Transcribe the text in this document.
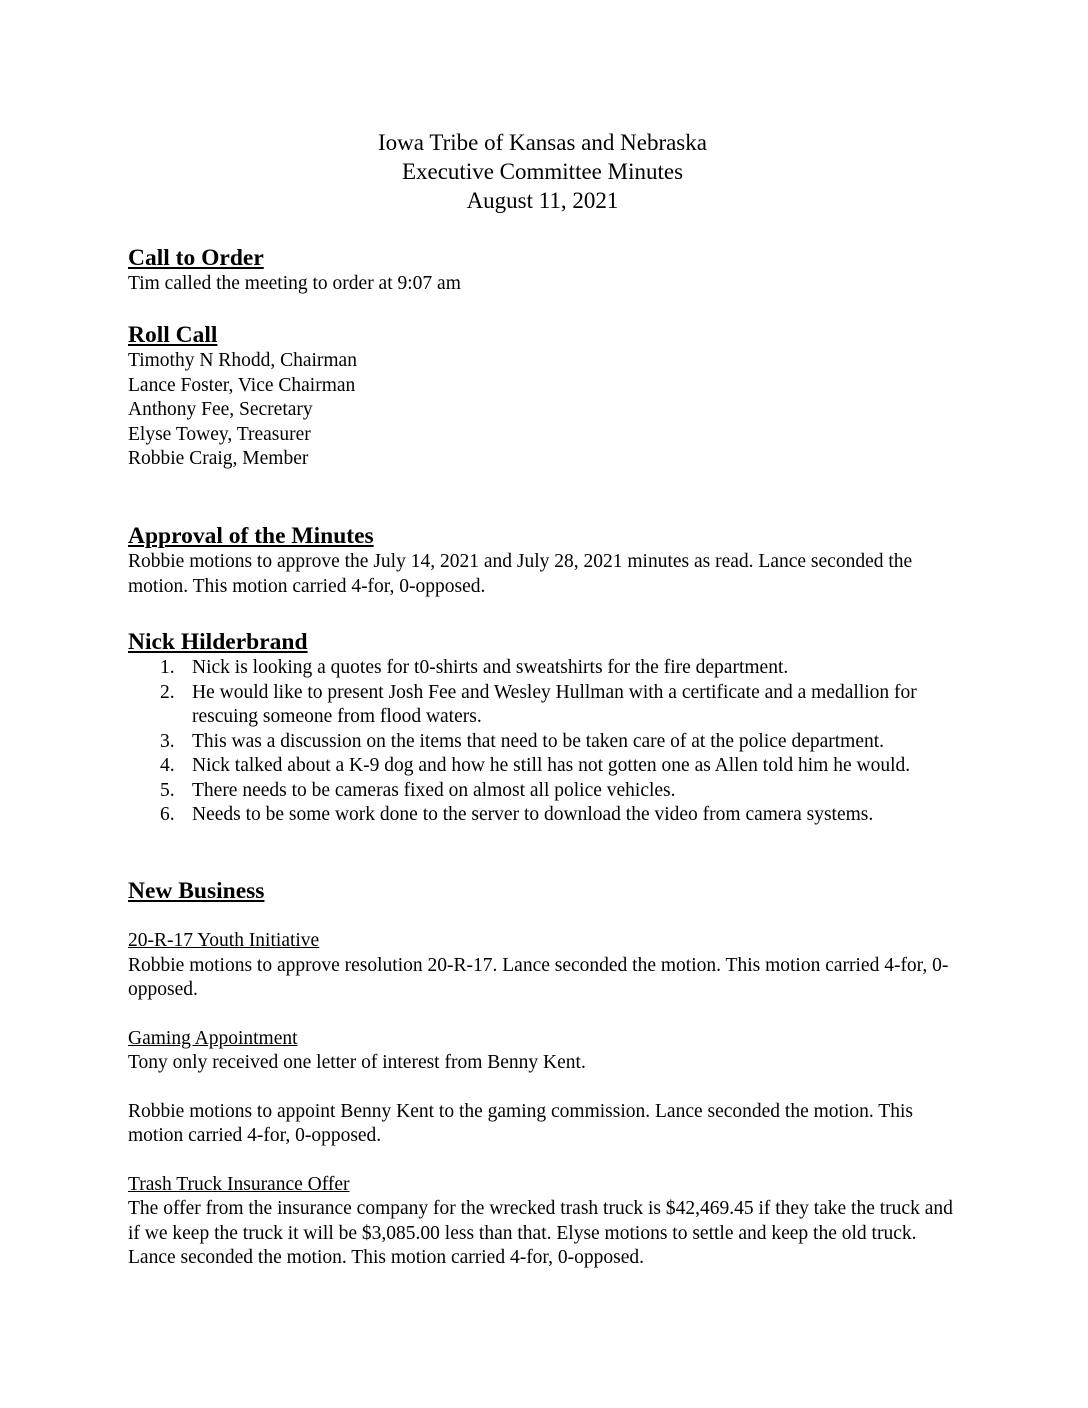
Iowa Tribe of Kansas and Nebraska
Executive Committee Minutes
August 11, 2021

Call to Order

Tim called the meeting to order at 9:07 am

Roll Call

Timothy N Rhodd, Chairman

Lance Foster, Vice Chairman

Anthony Fee, Secretary

Elyse Towey, Treasurer

Robbie Craig, Member

Approval of the Minutes

Robbie motions to approve the July 14, 2021 and July 28, 2021 minutes as read. Lance seconded the motion. This motion carried 4-for, 0-opposed.

Nick Hilderbrand

1. Nick is looking a quotes for t0-shirts and sweatshirts for the fire department.
2. He would like to present Josh Fee and Wesley Hullman with a certificate and a medallion for rescuing someone from flood waters.
3. This was a discussion on the items that need to be taken care of at the police department.
4. Nick talked about a K-9 dog and how he still has not gotten one as Allen told him he would.
5. There needs to be cameras fixed on almost all police vehicles.
6. Needs to be some work done to the server to download the video from camera systems.

New Business

20-R-17 Youth Initiative

Robbie motions to approve resolution 20-R-17. Lance seconded the motion. This motion carried 4-for, 0-opposed.

Gaming Appointment

Tony only received one letter of interest from Benny Kent.

Robbie motions to appoint Benny Kent to the gaming commission. Lance seconded the motion. This motion carried 4-for, 0-opposed.

Trash Truck Insurance Offer

The offer from the insurance company for the wrecked trash truck is $42,469.45 if they take the truck and if we keep the truck it will be $3,085.00 less than that. Elyse motions to settle and keep the old truck. Lance seconded the motion. This motion carried 4-for, 0-opposed.
